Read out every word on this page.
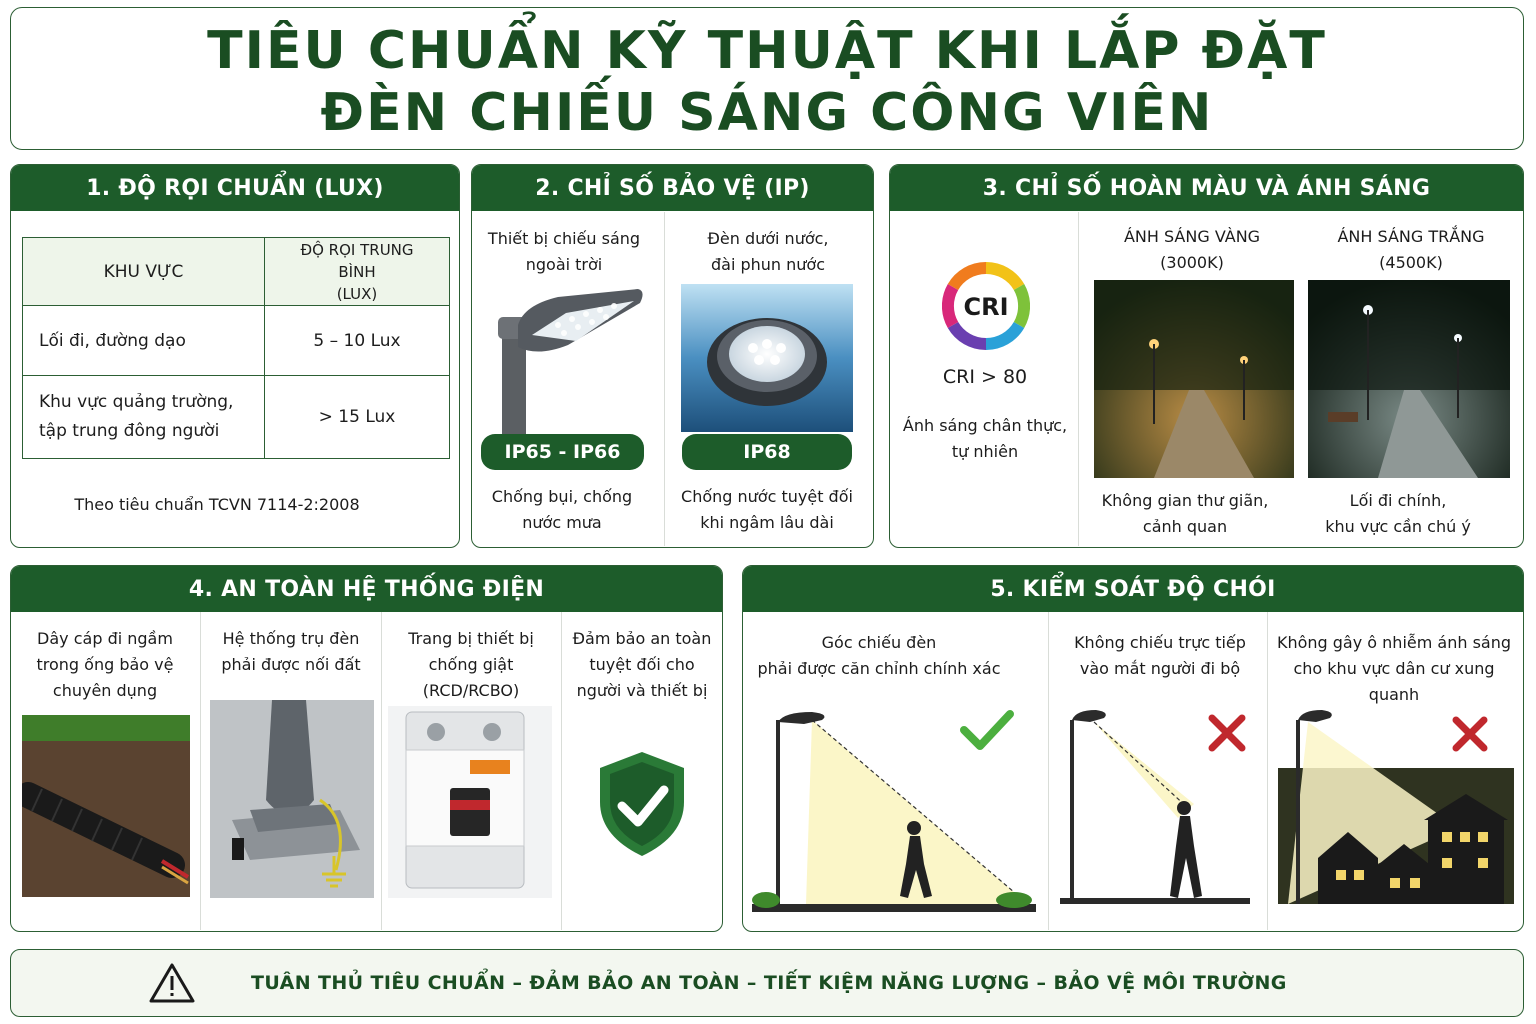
TIÊU CHUẨN KỸ THUẬT KHI LẮP ĐẶT
ĐÈN CHIẾU SÁNG CÔNG VIÊN
1. ĐỘ RỌI CHUẨN (LUX)
KHU VỰC	ĐỘ RỌI TRUNG BÌNH
(LUX)
Lối đi, đường dạo	5 – 10 Lux
Khu vực quảng trường,
tập trung đông người	> 15 Lux
Theo tiêu chuẩn TCVN 7114-2:2008
2. CHỈ SỐ BẢO VỆ (IP)
Thiết bị chiếu sáng
ngoài trời
IP65 - IP66
Chống bụi, chống
nước mưa
Đèn dưới nước,
đài phun nước
IP68
Chống nước tuyệt đối
khi ngâm lâu dài
3. CHỈ SỐ HOÀN MÀU VÀ ÁNH SÁNG
CRI
CRI > 80
Ánh sáng chân thực,
tự nhiên
ÁNH SÁNG VÀNG
(3000K)
Không gian thư giãn,
cảnh quan
ÁNH SÁNG TRẮNG
(4500K)
Lối đi chính,
khu vực cần chú ý
4. AN TOÀN HỆ THỐNG ĐIỆN
Dây cáp đi ngầm
trong ống bảo vệ
chuyên dụng
Hệ thống trụ đèn
phải được nối đất
Trang bị thiết bị
chống giật (RCD/RCBO)
Đảm bảo an toàn
tuyệt đối cho
người và thiết bị
5. KIỂM SOÁT ĐỘ CHÓI
Góc chiếu đèn
phải được căn chỉnh chính xác
Không chiếu trực tiếp
vào mắt người đi bộ
Không gây ô nhiễm ánh sáng
cho khu vực dân cư xung quanh
TUÂN THỦ TIÊU CHUẨN – ĐẢM BẢO AN TOÀN – TIẾT KIỆM NĂNG LƯỢNG – BẢO VỆ MÔI TRƯỜNG
